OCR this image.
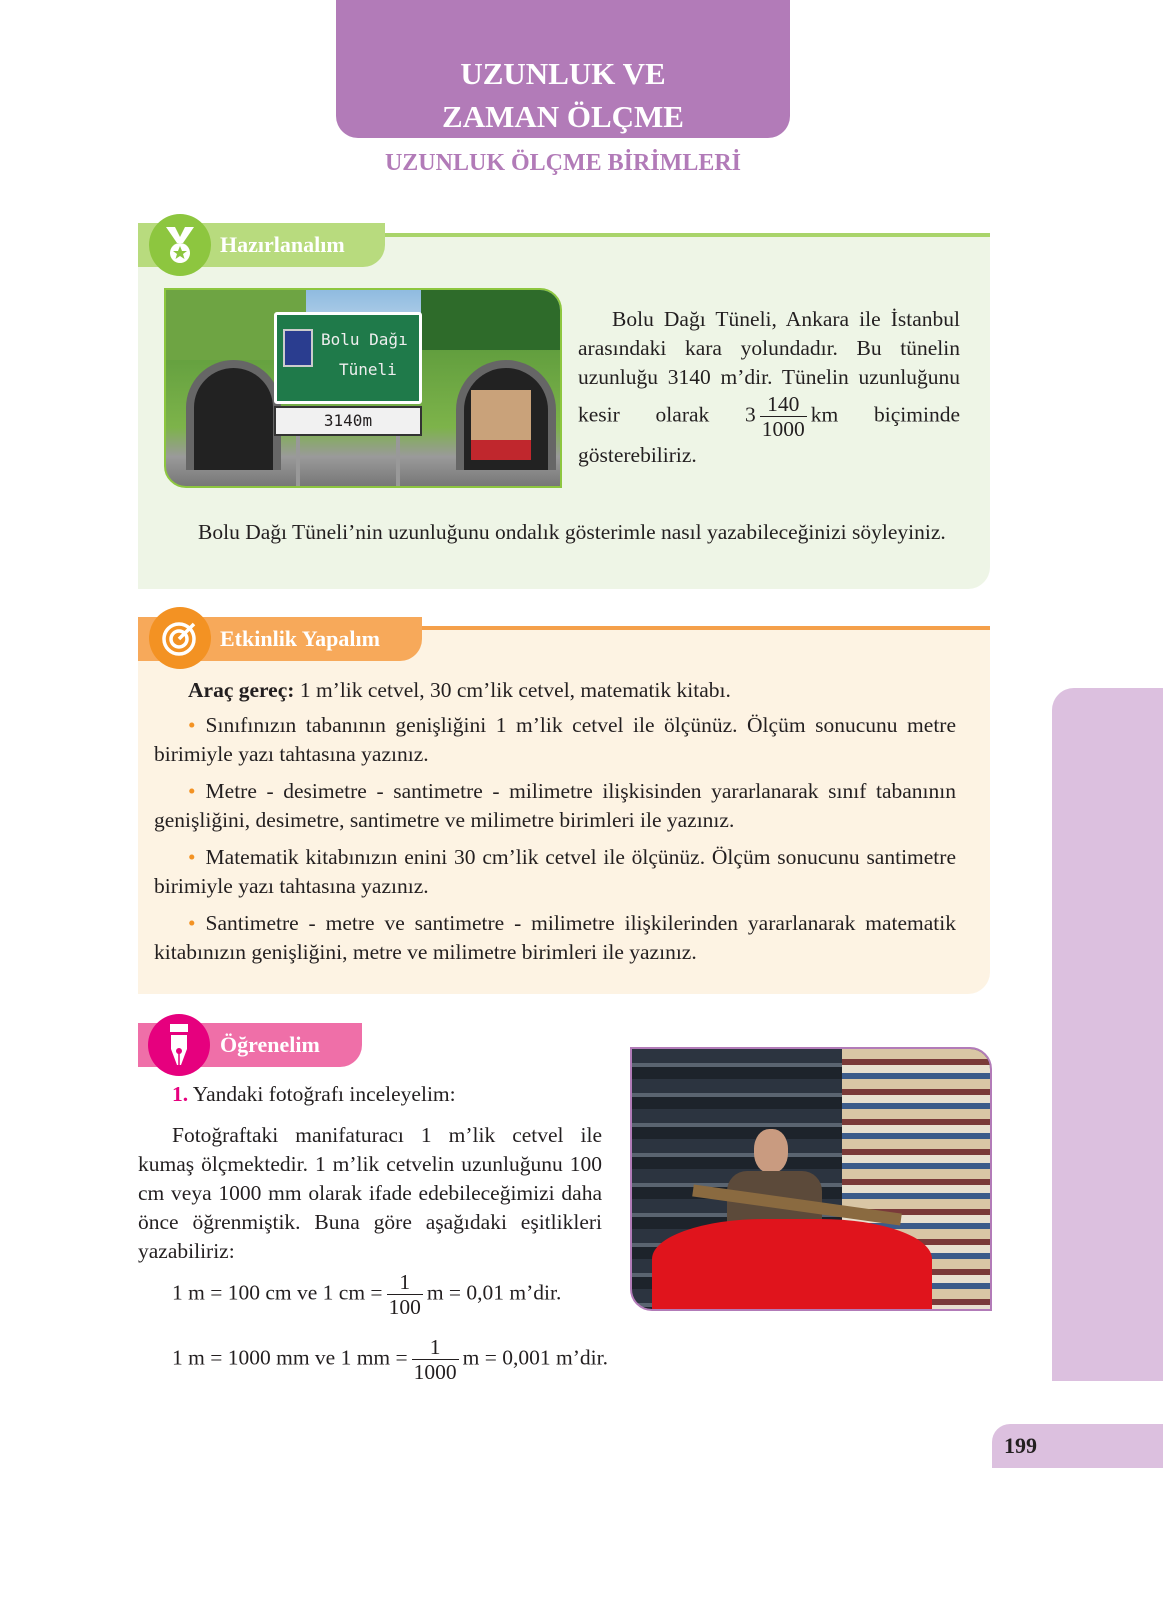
UZUNLUK VE
ZAMAN ÖLÇME
UZUNLUK ÖLÇME BİRİMLERİ
Bolu Dağı
Tüneli
3140m
Bolu Dağı Tüneli, Ankara ile İstanbul arasındaki kara yolundadır. Bu tünelin uzunluğu 3140 m’dir. Tünelin uzunluğunu kesir olarak $3 \frac{140}{1000}$ km biçiminde gösterebiliriz.
Bolu Dağı Tüneli’nin uzunluğunu ondalık gösterimle nasıl yazabileceğinizi söyleyiniz.
Hazırlanalım
Araç gereç: 1 m’lik cetvel, 30 cm’lik cetvel, matematik kitabı.
• Sınıfınızın tabanının genişliğini 1 m’lik cetvel ile ölçünüz. Ölçüm sonucunu metre birimiyle yazı tahtasına yazınız.
• Metre - desimetre - santimetre - milimetre ilişkisinden yararlanarak sınıf tabanının genişliğini, desimetre, santimetre ve milimetre birimleri ile yazınız.
• Matematik kitabınızın enini 30 cm’lik cetvel ile ölçünüz. Ölçüm sonucunu santimetre birimiyle yazı tahtasına yazınız.
• Santimetre - metre ve santimetre - milimetre ilişkilerinden yararlanarak matematik kitabınızın genişliğini, metre ve milimetre birimleri ile yazınız.
Etkinlik Yapalım
Öğrenelim
1. Yandaki fotoğrafı inceleyelim:
Fotoğraftaki manifaturacı 1 m’lik cetvel ile kumaş ölçmektedir. 1 m’lik cetvelin uzunluğunu 100 cm veya 1000 mm olarak ifade edebileceğimizi daha önce öğrenmiştik. Buna göre aşağıdaki eşitlikleri yazabiliriz:
1 m = 100 cm ve 1 cm = $\frac{1}{100}$ m = 0,01 m’dir.
1 m = 1000 mm ve 1 mm = $\frac{1}{1000}$ m = 0,001 m’dir.
199
